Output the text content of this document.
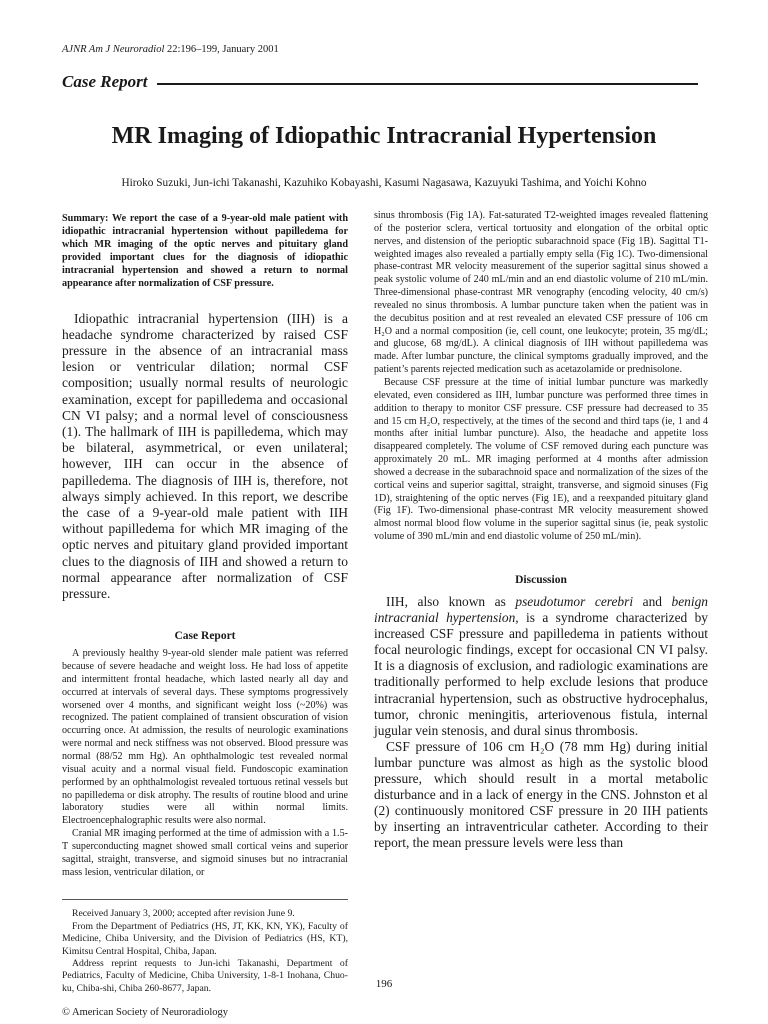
AJNR Am J Neuroradiol 22:196–199, January 2001
Case Report
MR Imaging of Idiopathic Intracranial Hypertension
Hiroko Suzuki, Jun-ichi Takanashi, Kazuhiko Kobayashi, Kasumi Nagasawa, Kazuyuki Tashima, and Yoichi Kohno

Summary: We report the case of a 9-year-old male patient with idiopathic intracranial hypertension without papilledema for which MR imaging of the optic nerves and pituitary gland provided important clues for the diagnosis of idiopathic intracranial hypertension and showed a return to normal appearance after normalization of CSF pressure.

Idiopathic intracranial hypertension (IIH) is a headache syndrome characterized by raised CSF pressure in the absence of an intracranial mass lesion or ventricular dilation; normal CSF composition; usually normal results of neurologic examination, except for papilledema and occasional CN VI palsy; and a normal level of consciousness (1). The hallmark of IIH is papilledema, which may be bilateral, asymmetrical, or even unilateral; however, IIH can occur in the absence of papilledema. The diagnosis of IIH is, therefore, not always simply achieved. In this report, we describe the case of a 9-year-old male patient with IIH without papilledema for which MR imaging of the optic nerves and pituitary gland provided important clues to the diagnosis of IIH and showed a return to normal appearance after normalization of CSF pressure.

Case Report

A previously healthy 9-year-old slender male patient was referred because of severe headache and weight loss. He had loss of appetite and intermittent frontal headache, which lasted nearly all day and occurred at intervals of several days. These symptoms progressively worsened over 4 months, and significant weight loss (~20%) was recognized. The patient complained of transient obscuration of vision occurring once. At admission, the results of neurologic examinations were normal and neck stiffness was not observed. Blood pressure was normal (88/52 mm Hg). An ophthalmologic test revealed normal visual acuity and a normal visual field. Fundoscopic examination performed by an ophthalmologist revealed tortuous retinal vessels but no papilledema or disk atrophy. The results of routine blood and urine laboratory studies were all within normal limits. Electroencephalographic results were also normal.

Cranial MR imaging performed at the time of admission with a 1.5-T superconducting magnet showed small cortical veins and superior sagittal, straight, transverse, and sigmoid sinuses but no intracranial mass lesion, ventricular dilation, or

Received January 3, 2000; accepted after revision June 9.

From the Department of Pediatrics (HS, JT, KK, KN, YK), Faculty of Medicine, Chiba University, and the Division of Pediatrics (HS, KT), Kimitsu Central Hospital, Chiba, Japan.

Address reprint requests to Jun-ichi Takanashi, Department of Pediatrics, Faculty of Medicine, Chiba University, 1-8-1 Inohana, Chuo-ku, Chiba-shi, Chiba 260-8677, Japan.

© American Society of Neuroradiology

sinus thrombosis (Fig 1A). Fat-saturated T2-weighted images revealed flattening of the posterior sclera, vertical tortuosity and elongation of the orbital optic nerves, and distension of the perioptic subarachnoid space (Fig 1B). Sagittal T1-weighted images also revealed a partially empty sella (Fig 1C). Two-dimensional phase-contrast MR velocity measurement of the superior sagittal sinus showed a peak systolic volume of 240 mL/min and an end diastolic volume of 210 mL/min. Three-dimensional phase-contrast MR venography (encoding velocity, 40 cm/s) revealed no sinus thrombosis. A lumbar puncture taken when the patient was in the decubitus position and at rest revealed an elevated CSF pressure of 106 cm H₂O and a normal composition (ie, cell count, one leukocyte; protein, 35 mg/dL; and glucose, 68 mg/dL). A clinical diagnosis of IIH without papilledema was made. After lumbar puncture, the clinical symptoms gradually improved, and the patient’s parents rejected medication such as acetazolamide or prednisolone.

Because CSF pressure at the time of initial lumbar puncture was markedly elevated, even considered as IIH, lumbar puncture was performed three times in addition to therapy to monitor CSF pressure. CSF pressure had decreased to 35 and 15 cm H₂O, respectively, at the times of the second and third taps (ie, 1 and 4 months after initial lumbar puncture). Also, the headache and appetite loss disappeared completely. The volume of CSF removed during each puncture was approximately 20 mL. MR imaging performed at 4 months after admission showed a decrease in the subarachnoid space and normalization of the sizes of the cortical veins and superior sagittal, straight, transverse, and sigmoid sinuses (Fig 1D), straightening of the optic nerves (Fig 1E), and a reexpanded pituitary gland (Fig 1F). Two-dimensional phase-contrast MR velocity measurement showed almost normal blood flow volume in the superior sagittal sinus (ie, peak systolic volume of 390 mL/min and end diastolic volume of 250 mL/min).

Discussion

IIH, also known as pseudotumor cerebri and benign intracranial hypertension, is a syndrome characterized by increased CSF pressure and papilledema in patients without focal neurologic findings, except for occasional CN VI palsy. It is a diagnosis of exclusion, and radiologic examinations are traditionally performed to help exclude lesions that produce intracranial hypertension, such as obstructive hydrocephalus, tumor, chronic meningitis, arteriovenous fistula, internal jugular vein stenosis, and dural sinus thrombosis.

CSF pressure of 106 cm H₂O (78 mm Hg) during initial lumbar puncture was almost as high as the systolic blood pressure, which should result in a mortal metabolic disturbance and in a lack of energy in the CNS. Johnston et al (2) continuously monitored CSF pressure in 20 IIH patients by inserting an intraventricular catheter. According to their report, the mean pressure levels were less than

196
